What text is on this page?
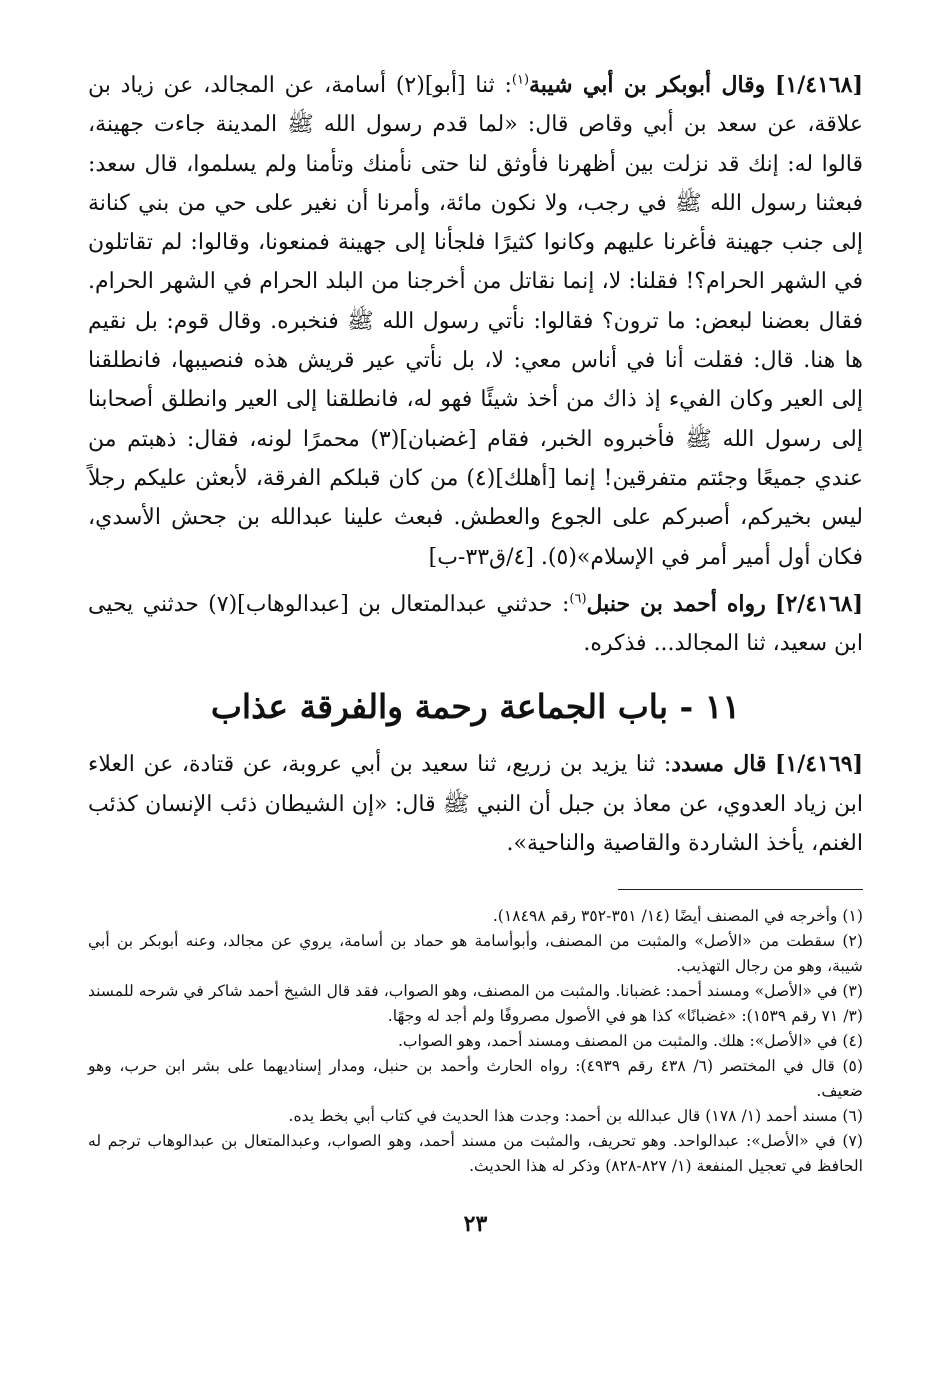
[١/٤١٦٨] وقال أبوبكر بن أبي شيبة$^{(١)}$: ثنا [أبو](٢) أسامة، عن المجالد، عن زياد بن علاقة، عن سعد بن أبي وقاص قال: «لما قدم رسول الله ﷺ المدينة جاءت جهينة، قالوا له: إنك قد نزلت بين أظهرنا فأوثق لنا حتى نأمنك وتأمنا ولم يسلموا، قال سعد: فبعثنا رسول الله ﷺ في رجب، ولا نكون مائة، وأمرنا أن نغير على حي من بني كنانة إلى جنب جهينة فأغرنا عليهم وكانوا كثيرًا فلجأنا إلى جهينة فمنعونا، وقالوا: لم تقاتلون في الشهر الحرام؟! فقلنا: لا، إنما نقاتل من أخرجنا من البلد الحرام في الشهر الحرام. فقال بعضنا لبعض: ما ترون؟ فقالوا: نأتي رسول الله ﷺ فنخبره. وقال قوم: بل نقيم ها هنا. قال: فقلت أنا في أناس معي: لا، بل نأتي عير قريش هذه فنصيبها، فانطلقنا إلى العير وكان الفيء إذ ذاك من أخذ شيئًا فهو له، فانطلقنا إلى العير وانطلق أصحابنا إلى رسول الله ﷺ فأخبروه الخبر، فقام [غضبان](٣) محمرًا لونه، فقال: ذهبتم من عندي جميعًا وجئتم متفرقين! إنما [أهلك](٤) من كان قبلكم الفرقة، لأبعثن عليكم رجلاً ليس بخيركم، أصبركم على الجوع والعطش. فبعث علينا عبدالله بن جحش الأسدي، فكان أول أمير أمر في الإسلام»(٥). [٤/ق٣٣-ب]

[٢/٤١٦٨] رواه أحمد بن حنبل$^{(٦)}$: حدثني عبدالمتعال بن [عبدالوهاب](٧) حدثني يحيى ابن سعيد، ثنا المجالد... فذكره.

١١ - باب الجماعة رحمة والفرقة عذاب

[١/٤١٦٩] قال مسدد: ثنا يزيد بن زريع، ثنا سعيد بن أبي عروبة، عن قتادة، عن العلاء ابن زياد العدوي، عن معاذ بن جبل أن النبي ﷺ قال: «إن الشيطان ذئب الإنسان كذئب الغنم، يأخذ الشاردة والقاصية والناحية».

(١) وأخرجه في المصنف أيضًا (١٤/ ٣٥١-٣٥٢ رقم ١٨٤٩٨).

(٢) سقطت من «الأصل» والمثبت من المصنف، وأبوأسامة هو حماد بن أسامة، يروي عن مجالد، وعنه أبوبكر بن أبي شيبة، وهو من رجال التهذيب.

(٣) في «الأصل» ومسند أحمد: غضبانا. والمثبت من المصنف، وهو الصواب، فقد قال الشيخ أحمد شاكر في شرحه للمسند (٣/ ٧١ رقم ١٥٣٩): «غضبانًا» كذا هو في الأصول مصروفًا ولم أجد له وجهًا.

(٤) في «الأصل»: هلك. والمثبت من المصنف ومسند أحمد، وهو الصواب.

(٥) قال في المختصر (٦/ ٤٣٨ رقم ٤٩٣٩): رواه الحارث وأحمد بن حنبل، ومدار إسناديهما على بشر ابن حرب، وهو ضعيف.

(٦) مسند أحمد (١/ ١٧٨) قال عبدالله بن أحمد: وجدت هذا الحديث في كتاب أبي بخط يده.

(٧) في «الأصل»: عبدالواحد. وهو تحريف، والمثبت من مسند أحمد، وهو الصواب، وعبدالمتعال بن عبدالوهاب ترجم له الحافظ في تعجيل المنفعة (١/ ٨٢٧-٨٢٨) وذكر له هذا الحديث.

٢٣
